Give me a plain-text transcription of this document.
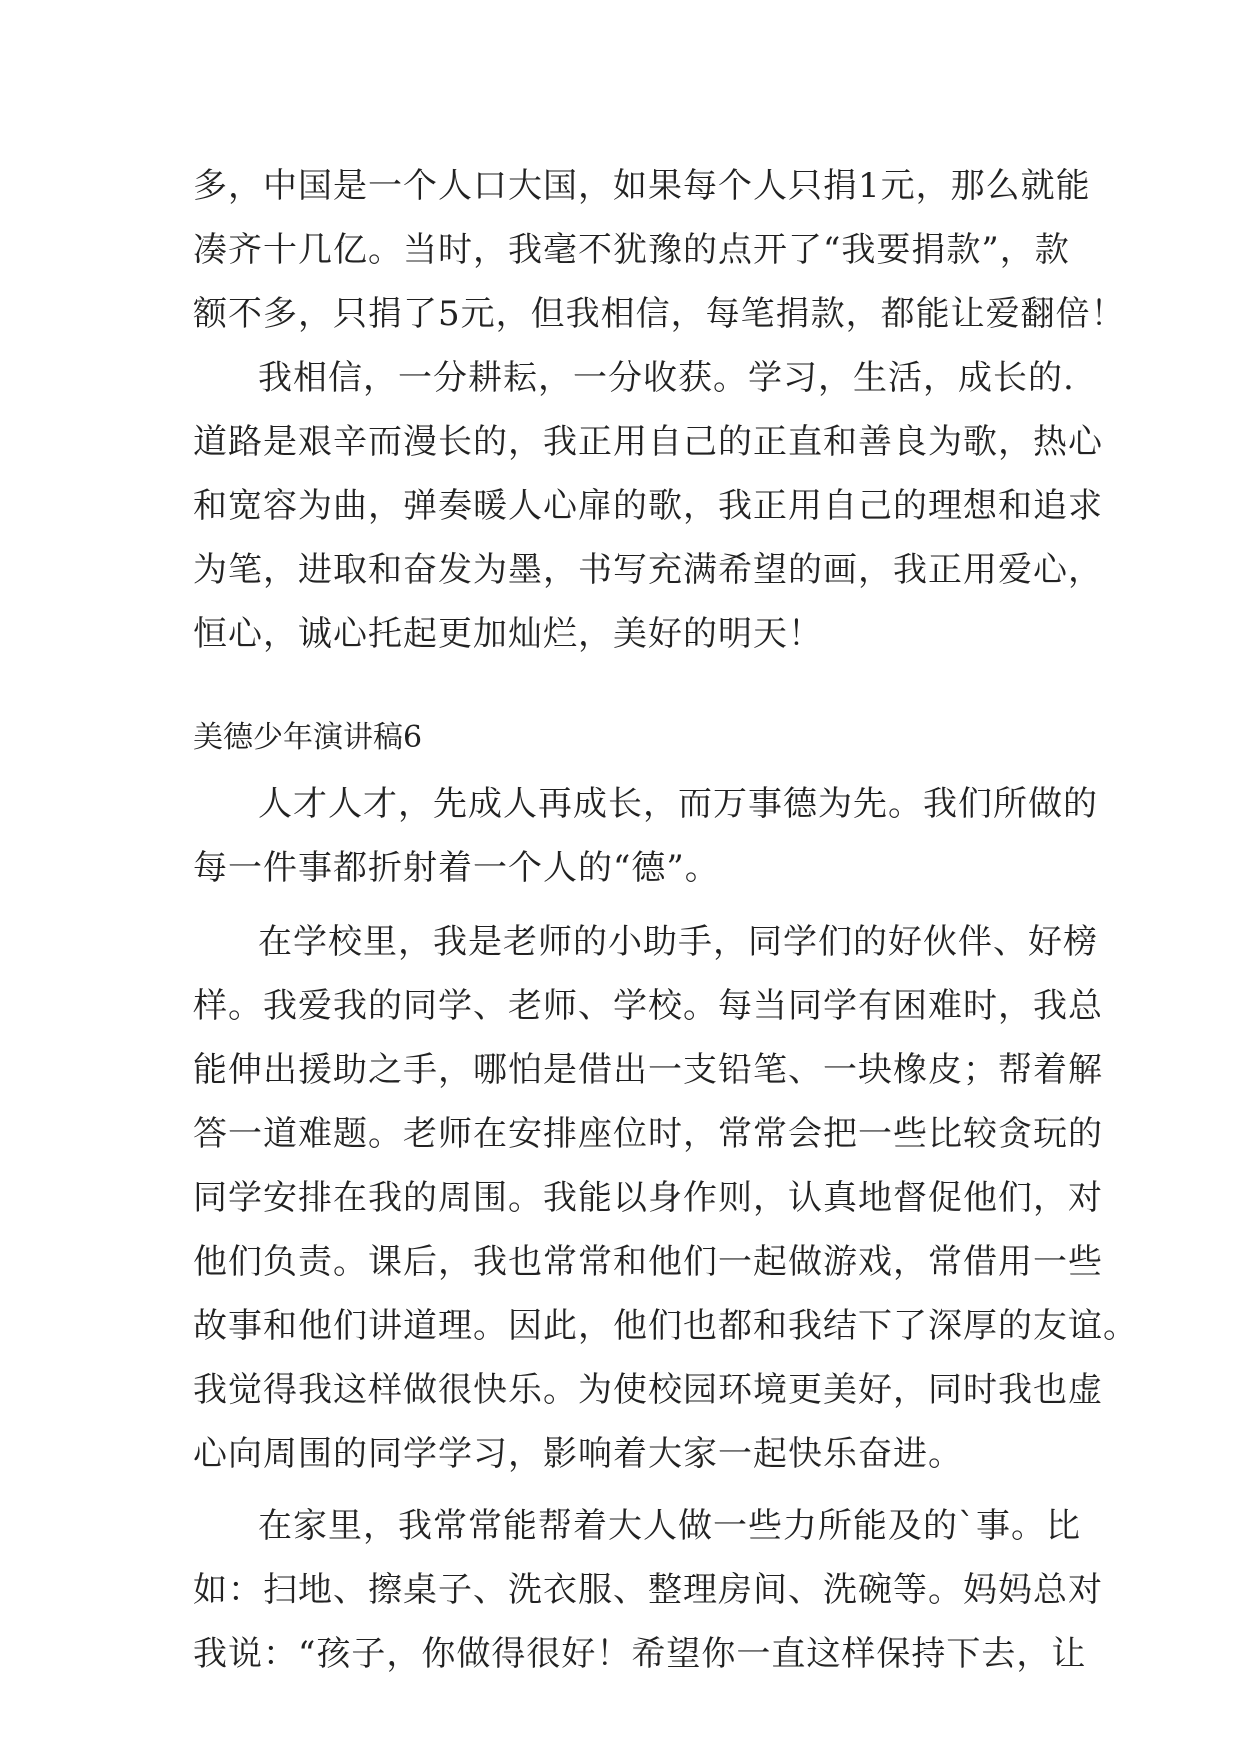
多，中国是一个人口大国，如果每个人只捐1元，那么就能
凑齐十几亿。当时，我毫不犹豫的点开了“我要捐款”，款
额不多，只捐了5元，但我相信，每笔捐款，都能让爱翻倍！
我相信，一分耕耘，一分收获。学习，生活，成长的.
道路是艰辛而漫长的，我正用自己的正直和善良为歌，热心
和宽容为曲，弹奏暖人心扉的歌，我正用自己的理想和追求
为笔，进取和奋发为墨，书写充满希望的画，我正用爱心，
恒心，诚心托起更加灿烂，美好的明天！
美德少年演讲稿6
人才人才，先成人再成长，而万事德为先。我们所做的
每一件事都折射着一个人的“德”。
在学校里，我是老师的小助手，同学们的好伙伴、好榜
样。我爱我的同学、老师、学校。每当同学有困难时，我总
能伸出援助之手，哪怕是借出一支铅笔、一块橡皮；帮着解
答一道难题。老师在安排座位时，常常会把一些比较贪玩的
同学安排在我的周围。我能以身作则，认真地督促他们，对
他们负责。课后，我也常常和他们一起做游戏，常借用一些
故事和他们讲道理。因此，他们也都和我结下了深厚的友谊。
我觉得我这样做很快乐。为使校园环境更美好，同时我也虚
心向周围的同学学习，影响着大家一起快乐奋进。
在家里，我常常能帮着大人做一些力所能及的`事。比
如：扫地、擦桌子、洗衣服、整理房间、洗碗等。妈妈总对
我说：“孩子，你做得很好！希望你一直这样保持下去，让
